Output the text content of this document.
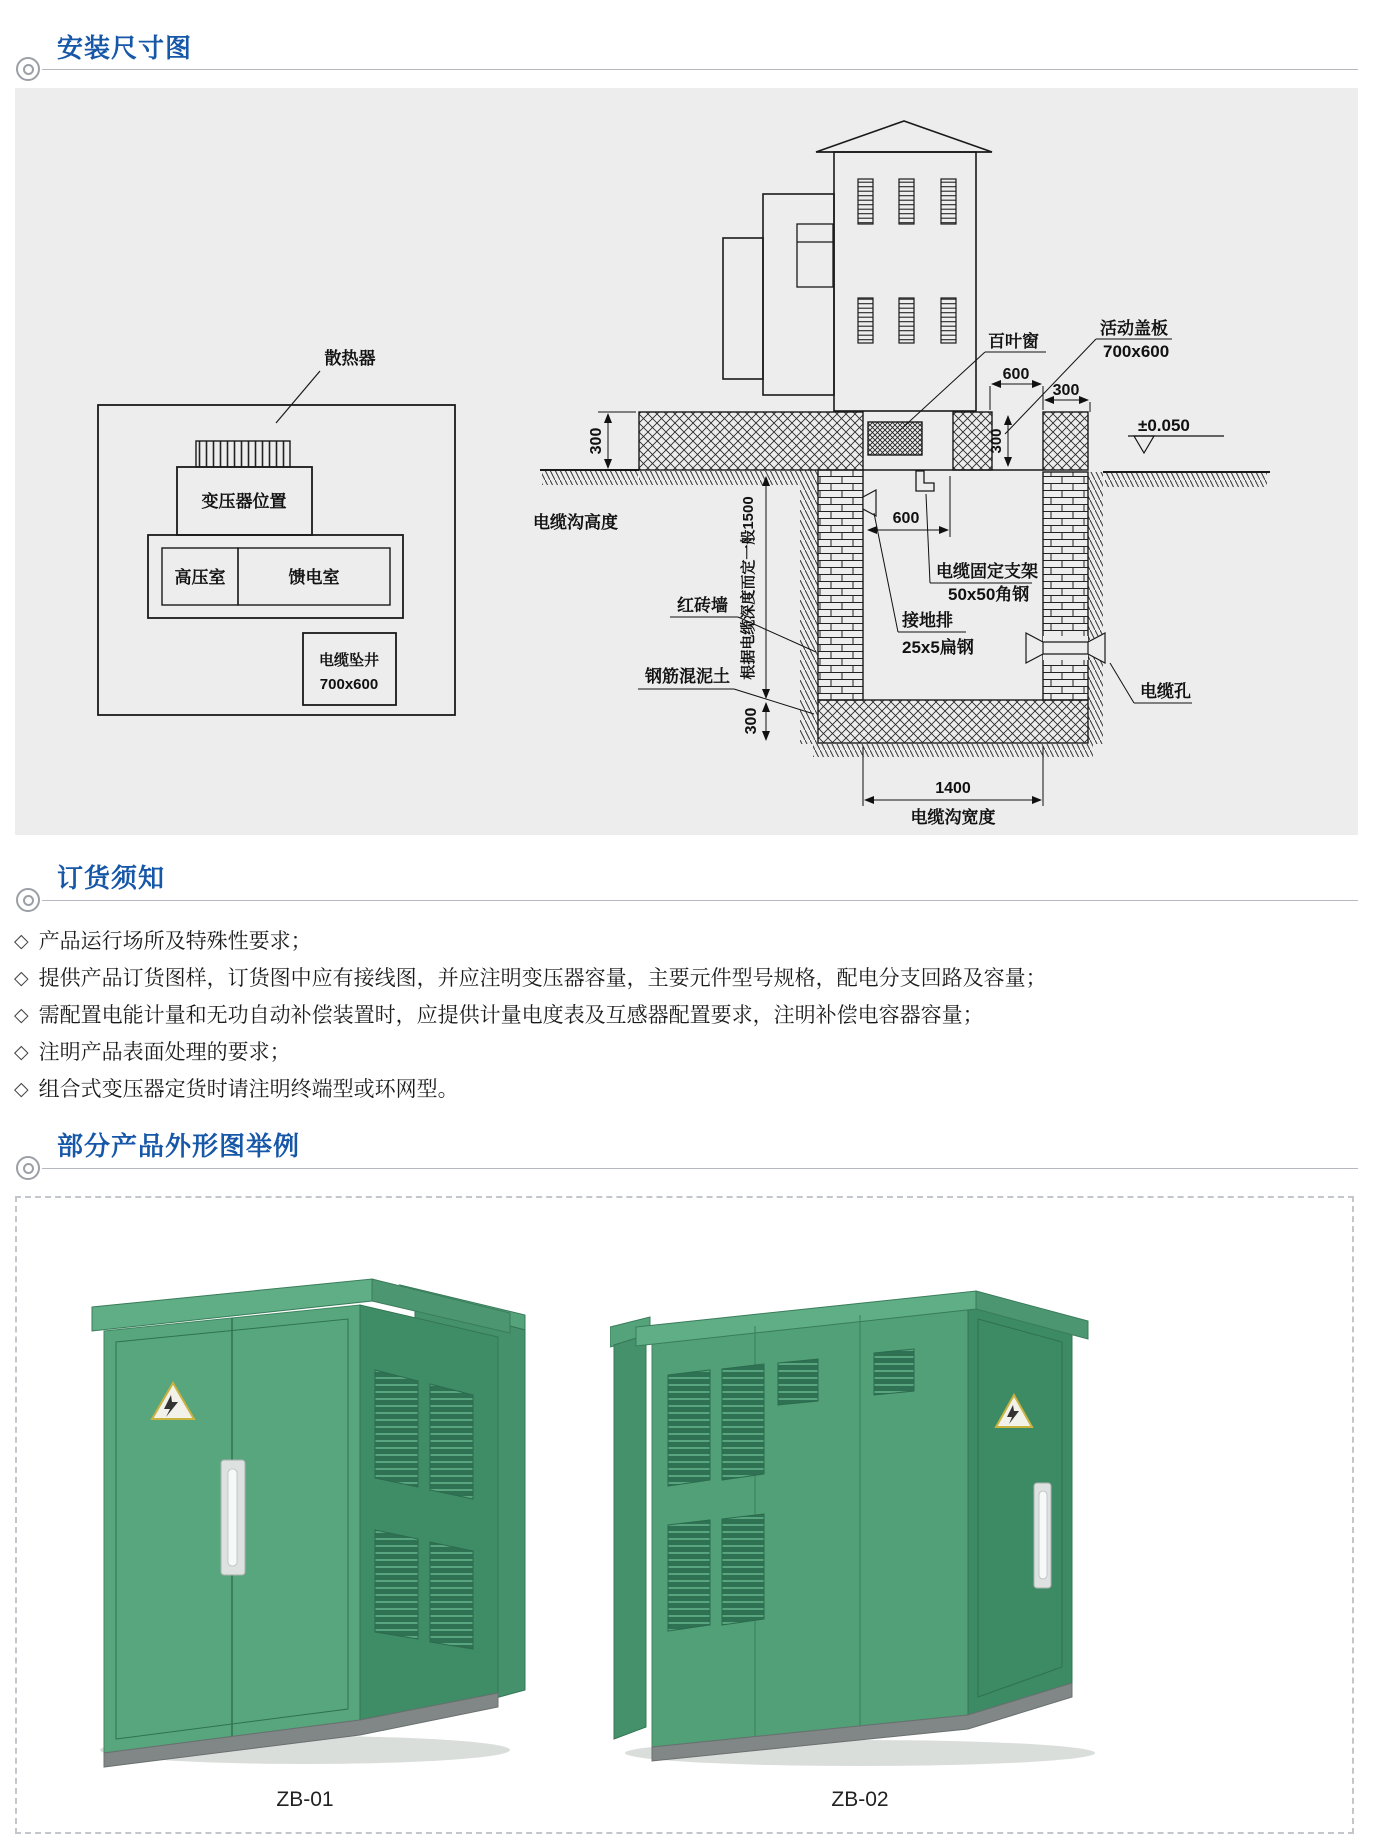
安装尺寸图
散热器
变压器位置
高压室	馈电室
电缆坠井
700x600
300
600
300
300
600
根据电缆深度而定一般1500
300
1400
电缆沟宽度
百叶窗
活动盖板
700x600
±0.050
电缆沟高度
电缆固定支架
50x50角钢
接地排
25x5扁钢
红砖墙
钢筋混泥土
电缆孔
订货须知
◇ 产品运行场所及特殊性要求；
◇ 提供产品订货图样，订货图中应有接线图，并应注明变压器容量，主要元件型号规格，配电分支回路及容量；
◇ 需配置电能计量和无功自动补偿装置时，应提供计量电度表及互感器配置要求，注明补偿电容器容量；
◇ 注明产品表面处理的要求；
◇ 组合式变压器定货时请注明终端型或环网型。
部分产品外形图举例
ZB-01	ZB-02
